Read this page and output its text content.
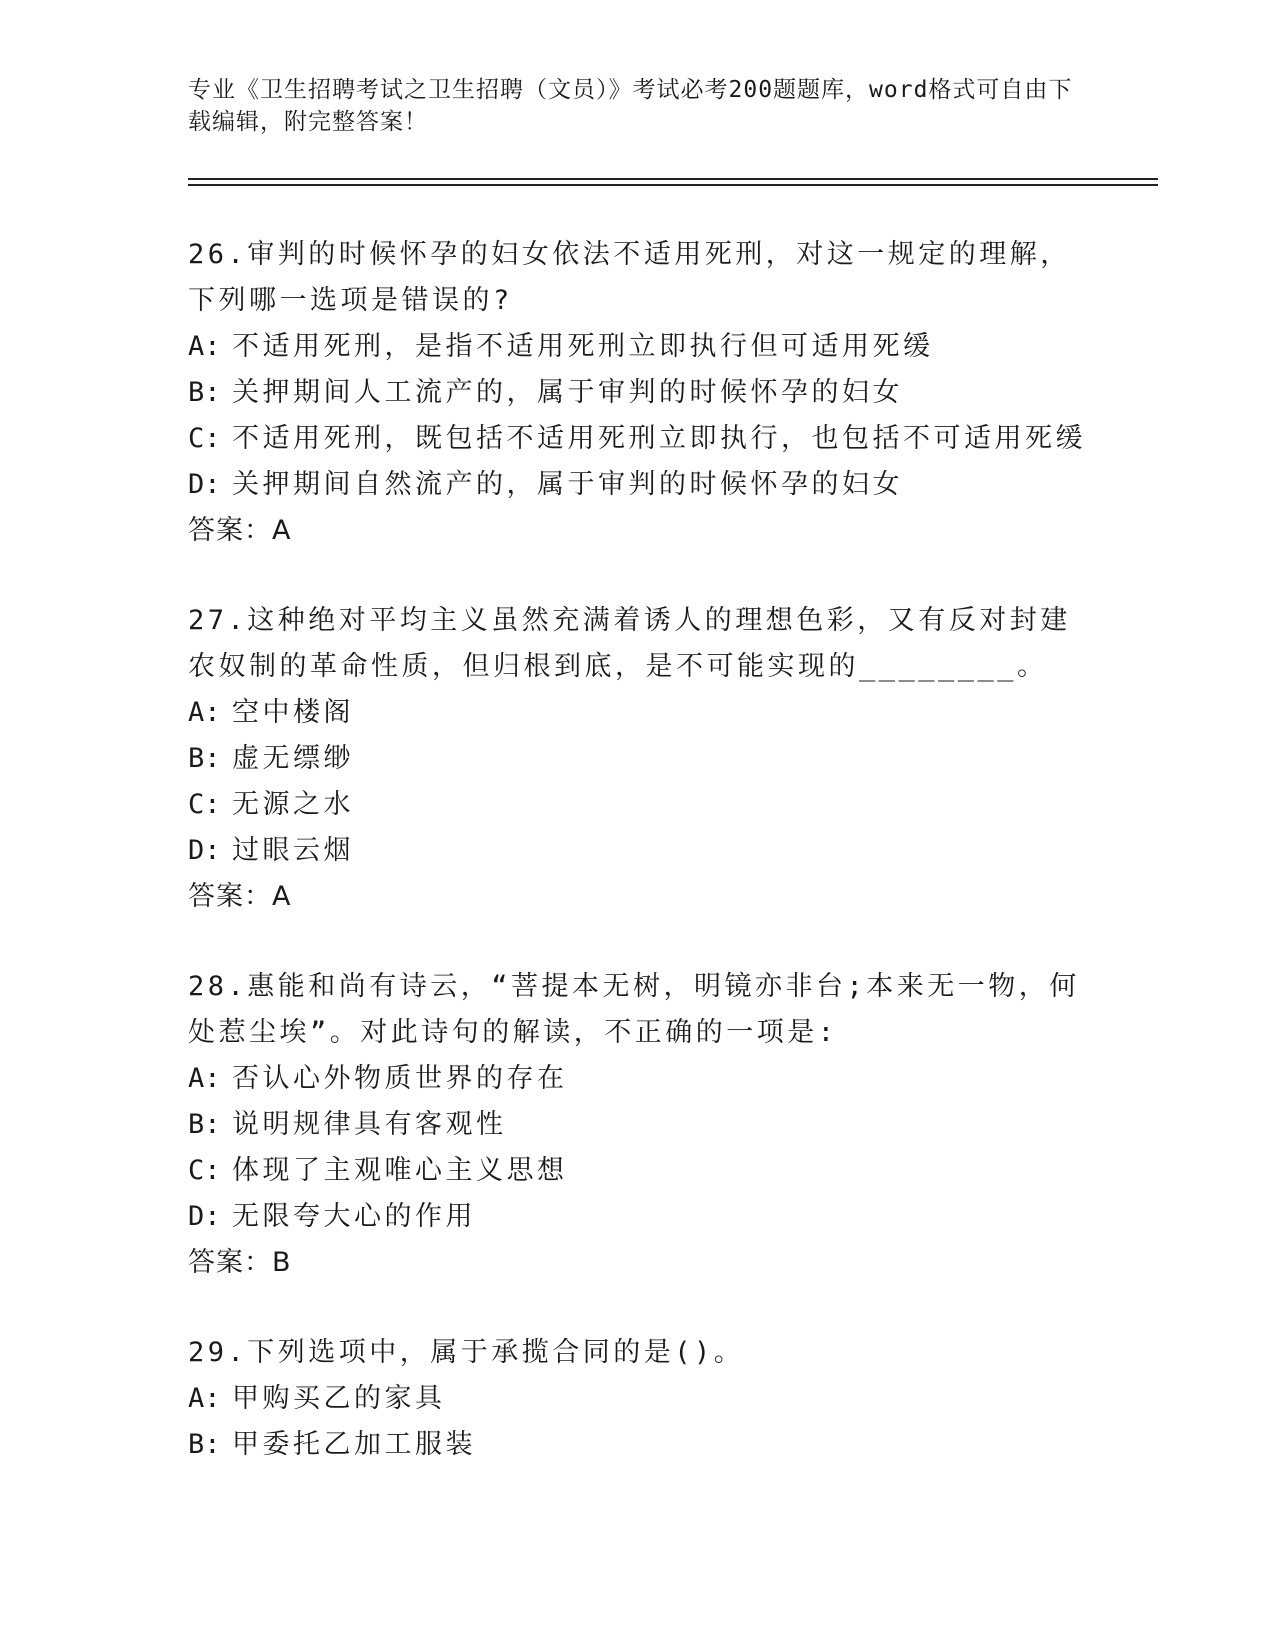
专业《卫生招聘考试之卫生招聘（文员）》考试必考200题题库，word格式可自由下载编辑，附完整答案！
26.审判的时候怀孕的妇女依法不适用死刑，对这一规定的理解，下列哪一选项是错误的?
A: 不适用死刑，是指不适用死刑立即执行但可适用死缓
B: 关押期间人工流产的，属于审判的时候怀孕的妇女
C: 不适用死刑，既包括不适用死刑立即执行，也包括不可适用死缓
D: 关押期间自然流产的，属于审判的时候怀孕的妇女
答案：A
27.这种绝对平均主义虽然充满着诱人的理想色彩，又有反对封建农奴制的革命性质，但归根到底，是不可能实现的________。
A: 空中楼阁
B: 虚无缥缈
C: 无源之水
D: 过眼云烟
答案：A
28.惠能和尚有诗云，“菩提本无树，明镜亦非台;本来无一物，何处惹尘埃”。对此诗句的解读，不正确的一项是:
A: 否认心外物质世界的存在
B: 说明规律具有客观性
C: 体现了主观唯心主义思想
D: 无限夸大心的作用
答案：B
29.下列选项中，属于承揽合同的是()。
A: 甲购买乙的家具
B: 甲委托乙加工服装
